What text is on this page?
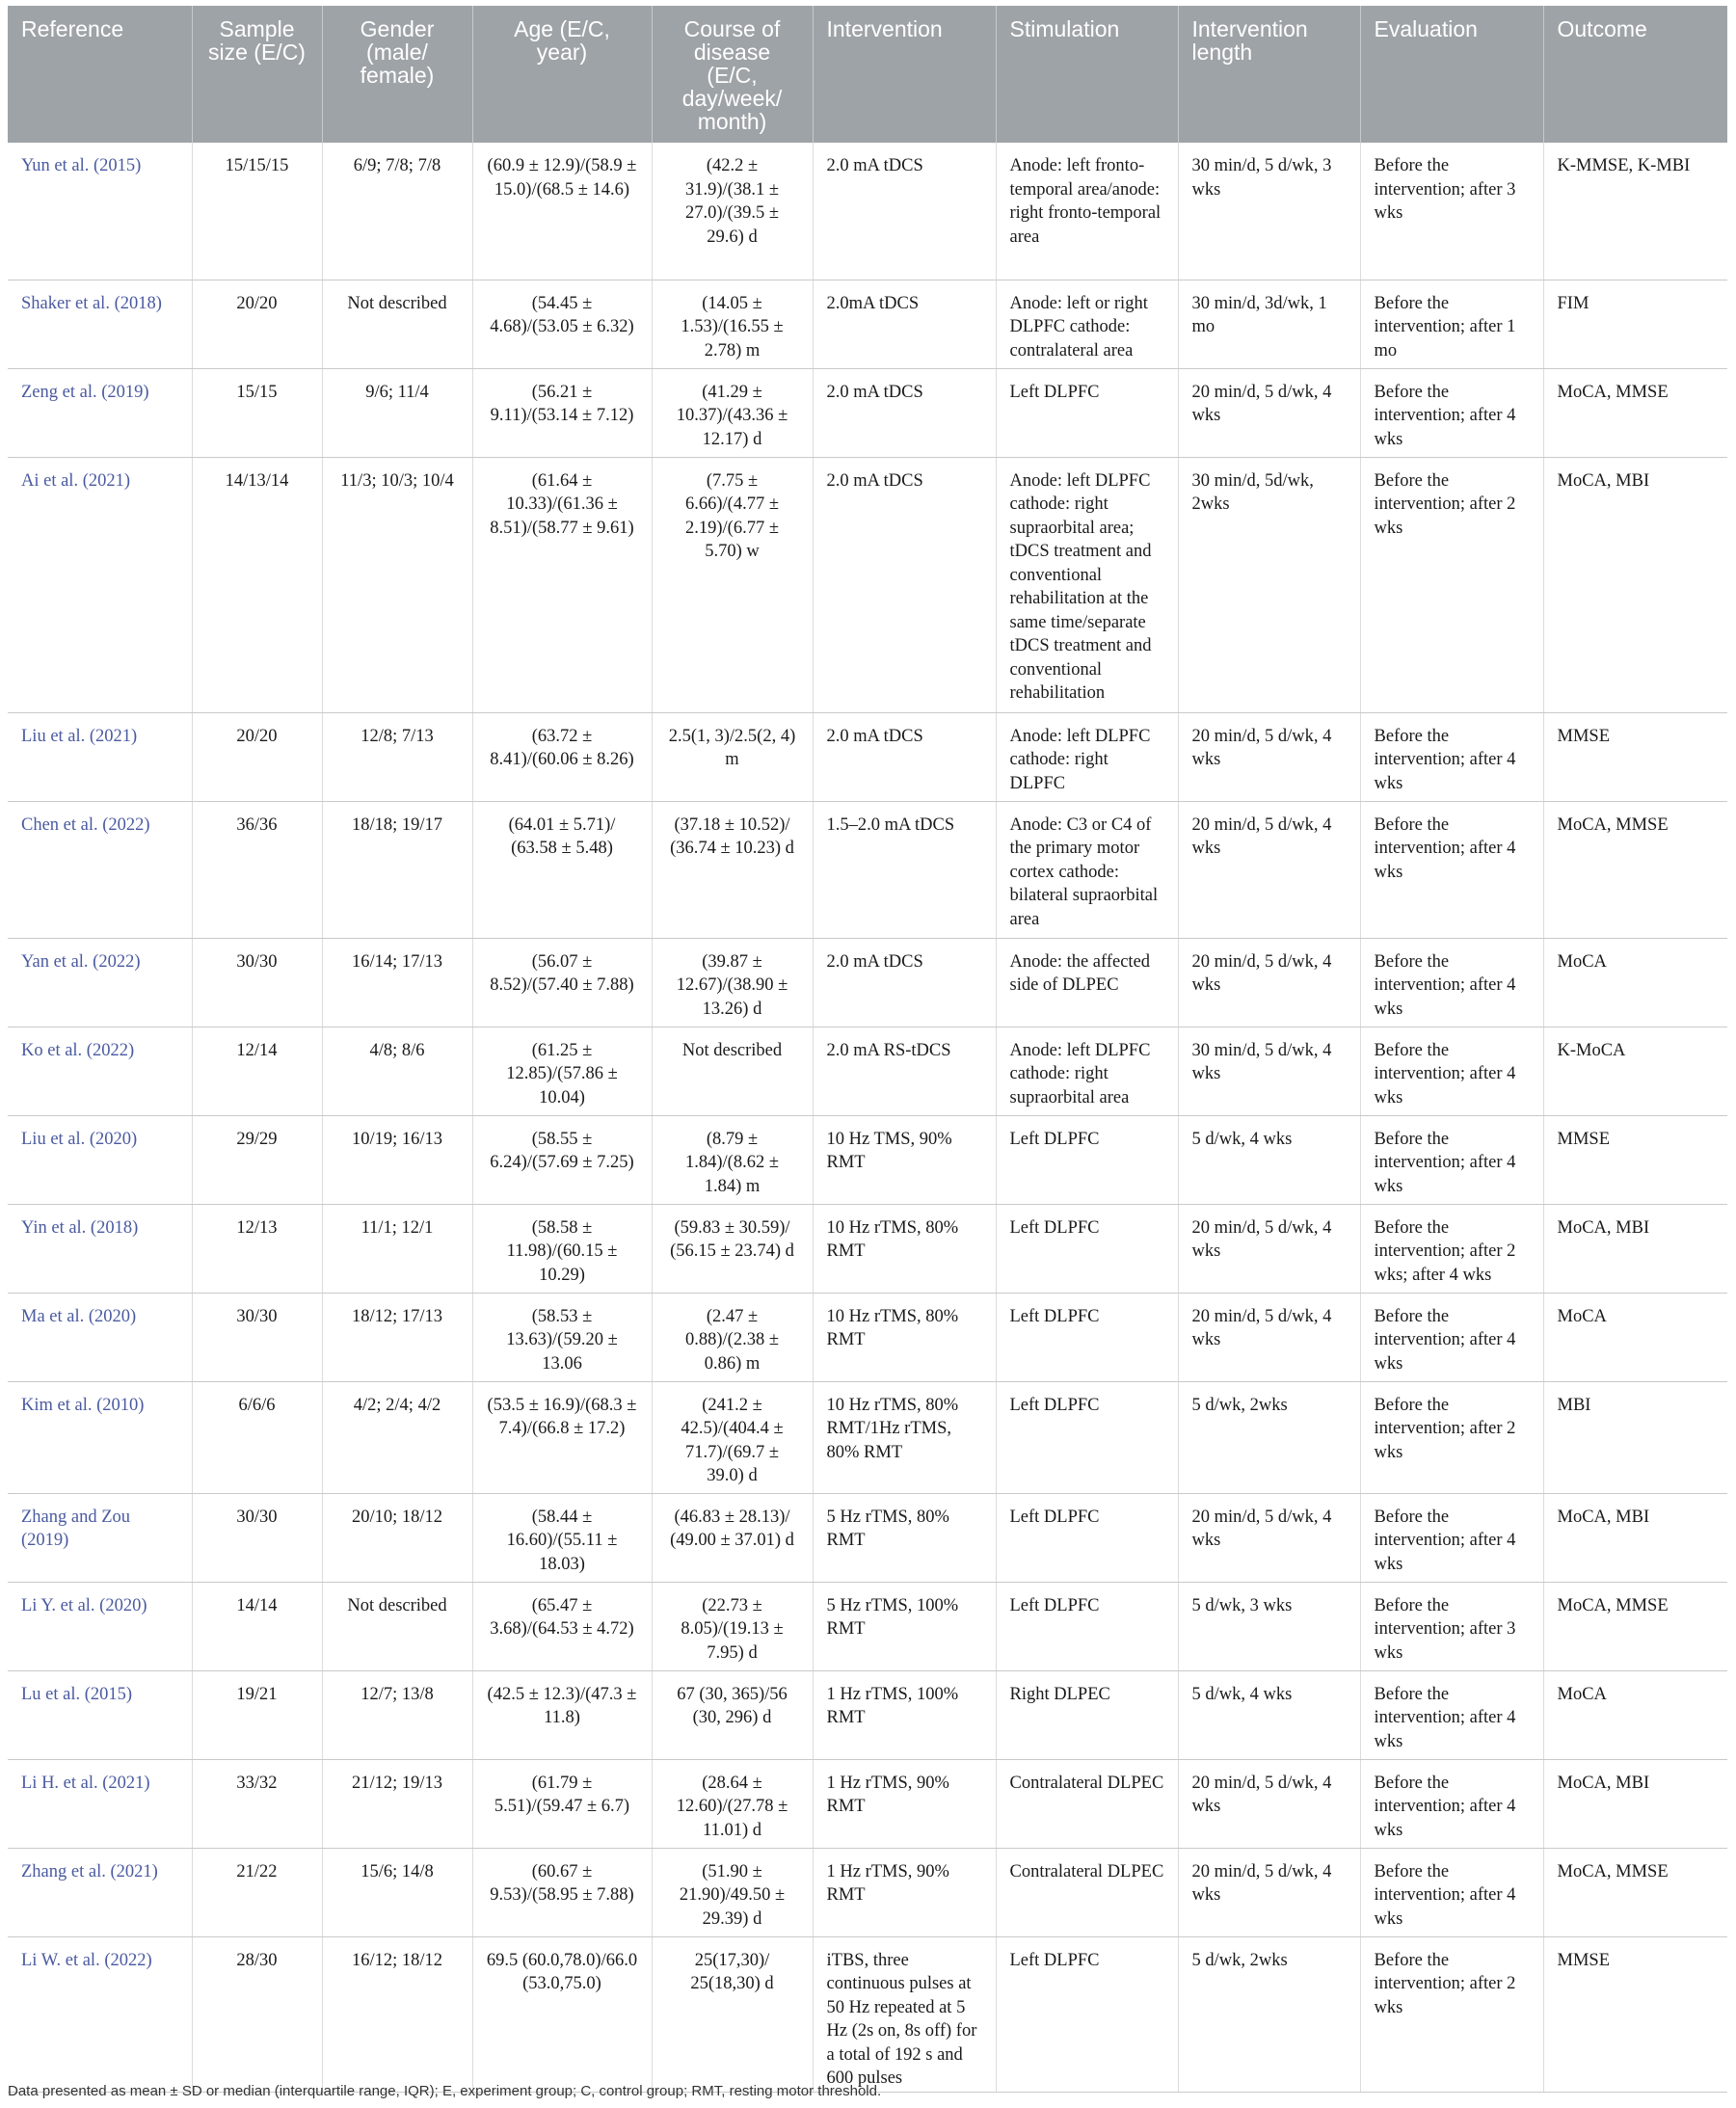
Reference	Sample size (E/C)	Gender (male/ female)	Age (E/C, year)	Course of disease (E/C, day/week/ month)	Intervention	Stimulation	Intervention length	Evaluation	Outcome
Yun et al. (2015)	15/15/15	6/9; 7/8; 7/8	(60.9 ± 12.9)/(58.9 ± 15.0)/(68.5 ± 14.6)	(42.2 ± 31.9)/(38.1 ± 27.0)/(39.5 ± 29.6) d	2.0 mA tDCS	Anode: left fronto-temporal area/anode: right fronto-temporal area	30 min/d, 5 d/wk, 3 wks	Before the intervention; after 3 wks	K-MMSE, K-MBI
Shaker et al. (2018)	20/20	Not described	(54.45 ± 4.68)/(53.05 ± 6.32)	(14.05 ± 1.53)/(16.55 ± 2.78) m	2.0mA tDCS	Anode: left or right DLPFC cathode: contralateral area	30 min/d, 3d/wk, 1 mo	Before the intervention; after 1 mo	FIM
Zeng et al. (2019)	15/15	9/6; 11/4	(56.21 ± 9.11)/(53.14 ± 7.12)	(41.29 ± 10.37)/(43.36 ± 12.17) d	2.0 mA tDCS	Left DLPFC	20 min/d, 5 d/wk, 4 wks	Before the intervention; after 4 wks	MoCA, MMSE
Ai et al. (2021)	14/13/14	11/3; 10/3; 10/4	(61.64 ± 10.33)/(61.36 ± 8.51)/(58.77 ± 9.61)	(7.75 ± 6.66)/(4.77 ± 2.19)/(6.77 ± 5.70) w	2.0 mA tDCS	Anode: left DLPFC cathode: right supraorbital area; tDCS treatment and conventional rehabilitation at the same time/separate tDCS treatment and conventional rehabilitation	30 min/d, 5d/wk, 2wks	Before the intervention; after 2 wks	MoCA, MBI
Liu et al. (2021)	20/20	12/8; 7/13	(63.72 ± 8.41)/(60.06 ± 8.26)	2.5(1, 3)/2.5(2, 4) m	2.0 mA tDCS	Anode: left DLPFC cathode: right DLPFC	20 min/d, 5 d/wk, 4 wks	Before the intervention; after 4 wks	MMSE
Chen et al. (2022)	36/36	18/18; 19/17	(64.01 ± 5.71)/ (63.58 ± 5.48)	(37.18 ± 10.52)/ (36.74 ± 10.23) d	1.5–2.0 mA tDCS	Anode: C3 or C4 of the primary motor cortex cathode: bilateral supraorbital area	20 min/d, 5 d/wk, 4 wks	Before the intervention; after 4 wks	MoCA, MMSE
Yan et al. (2022)	30/30	16/14; 17/13	(56.07 ± 8.52)/(57.40 ± 7.88)	(39.87 ± 12.67)/(38.90 ± 13.26) d	2.0 mA tDCS	Anode: the affected side of DLPEC	20 min/d, 5 d/wk, 4 wks	Before the intervention; after 4 wks	MoCA
Ko et al. (2022)	12/14	4/8; 8/6	(61.25 ± 12.85)/(57.86 ± 10.04)	Not described	2.0 mA RS-tDCS	Anode: left DLPFC cathode: right supraorbital area	30 min/d, 5 d/wk, 4 wks	Before the intervention; after 4 wks	K-MoCA
Liu et al. (2020)	29/29	10/19; 16/13	(58.55 ± 6.24)/(57.69 ± 7.25)	(8.79 ± 1.84)/(8.62 ± 1.84) m	10 Hz TMS, 90% RMT	Left DLPFC	5 d/wk, 4 wks	Before the intervention; after 4 wks	MMSE
Yin et al. (2018)	12/13	11/1; 12/1	(58.58 ± 11.98)/(60.15 ± 10.29)	(59.83 ± 30.59)/ (56.15 ± 23.74) d	10 Hz rTMS, 80% RMT	Left DLPFC	20 min/d, 5 d/wk, 4 wks	Before the intervention; after 2 wks; after 4 wks	MoCA, MBI
Ma et al. (2020)	30/30	18/12; 17/13	(58.53 ± 13.63)/(59.20 ± 13.06	(2.47 ± 0.88)/(2.38 ± 0.86) m	10 Hz rTMS, 80% RMT	Left DLPFC	20 min/d, 5 d/wk, 4 wks	Before the intervention; after 4 wks	MoCA
Kim et al. (2010)	6/6/6	4/2; 2/4; 4/2	(53.5 ± 16.9)/(68.3 ± 7.4)/(66.8 ± 17.2)	(241.2 ± 42.5)/(404.4 ± 71.7)/(69.7 ± 39.0) d	10 Hz rTMS, 80% RMT/1Hz rTMS, 80% RMT	Left DLPFC	5 d/wk, 2wks	Before the intervention; after 2 wks	MBI
Zhang and Zou (2019)	30/30	20/10; 18/12	(58.44 ± 16.60)/(55.11 ± 18.03)	(46.83 ± 28.13)/ (49.00 ± 37.01) d	5 Hz rTMS, 80% RMT	Left DLPFC	20 min/d, 5 d/wk, 4 wks	Before the intervention; after 4 wks	MoCA, MBI
Li Y. et al. (2020)	14/14	Not described	(65.47 ± 3.68)/(64.53 ± 4.72)	(22.73 ± 8.05)/(19.13 ± 7.95) d	5 Hz rTMS, 100% RMT	Left DLPFC	5 d/wk, 3 wks	Before the intervention; after 3 wks	MoCA, MMSE
Lu et al. (2015)	19/21	12/7; 13/8	(42.5 ± 12.3)/(47.3 ± 11.8)	67 (30, 365)/56 (30, 296) d	1 Hz rTMS, 100% RMT	Right DLPEC	5 d/wk, 4 wks	Before the intervention; after 4 wks	MoCA
Li H. et al. (2021)	33/32	21/12; 19/13	(61.79 ± 5.51)/(59.47 ± 6.7)	(28.64 ± 12.60)/(27.78 ± 11.01) d	1 Hz rTMS, 90% RMT	Contralateral DLPEC	20 min/d, 5 d/wk, 4 wks	Before the intervention; after 4 wks	MoCA, MBI
Zhang et al. (2021)	21/22	15/6; 14/8	(60.67 ± 9.53)/(58.95 ± 7.88)	(51.90 ± 21.90)/49.50 ± 29.39) d	1 Hz rTMS, 90% RMT	Contralateral DLPEC	20 min/d, 5 d/wk, 4 wks	Before the intervention; after 4 wks	MoCA, MMSE
Li W. et al. (2022)	28/30	16/12; 18/12	69.5 (60.0,78.0)/66.0 (53.0,75.0)	25(17,30)/ 25(18,30) d	iTBS, three continuous pulses at 50 Hz repeated at 5 Hz (2s on, 8s off) for a total of 192 s and 600 pulses	Left DLPFC	5 d/wk, 2wks	Before the intervention; after 2 wks	MMSE
Data presented as mean ± SD or median (interquartile range, IQR); E, experiment group; C, control group; RMT, resting motor threshold.
